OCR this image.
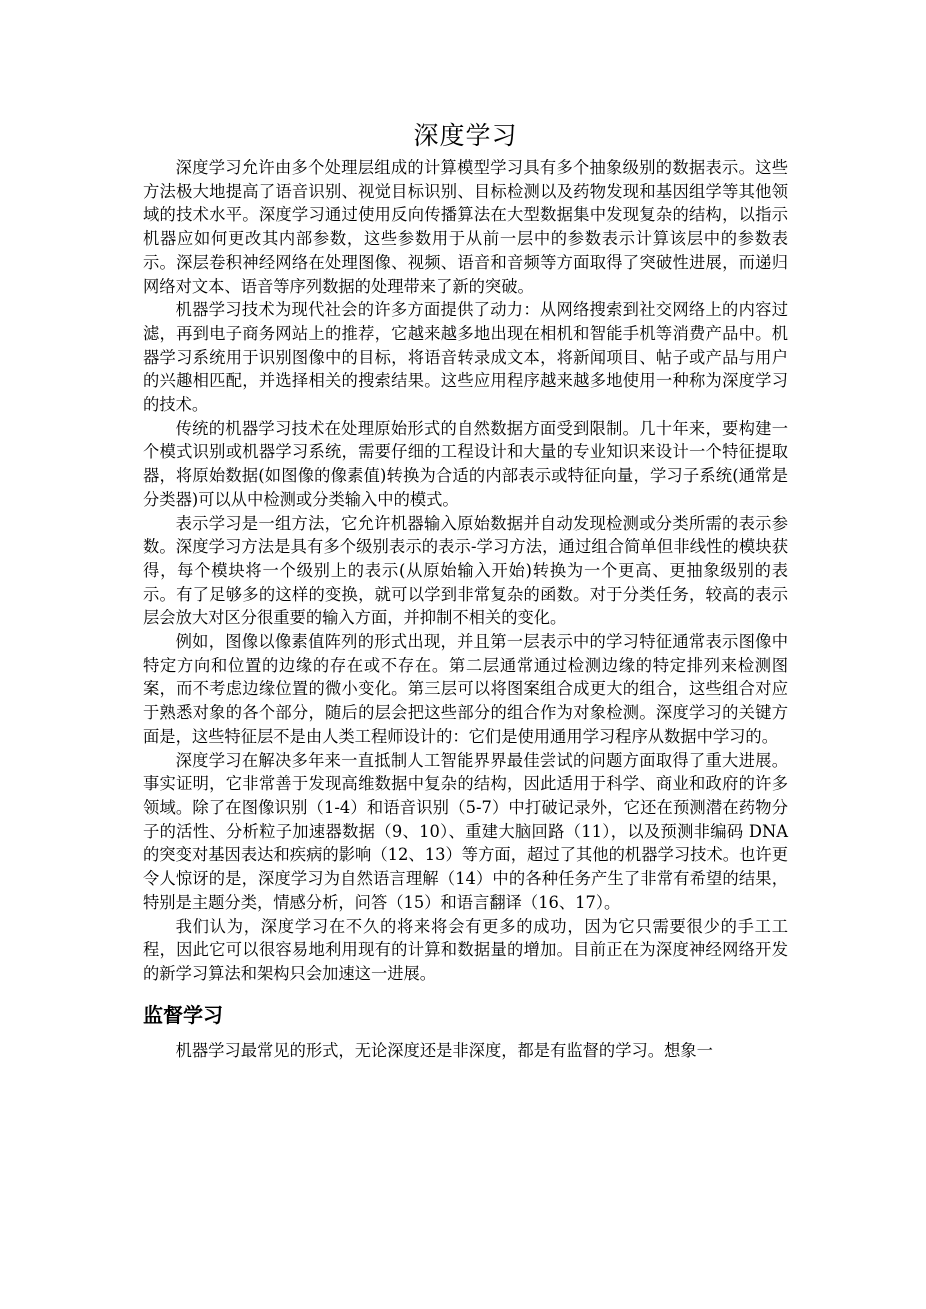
深度学习

深度学习允许由多个处理层组成的计算模型学习具有多个抽象级别的数据表示。这些方法极大地提高了语音识别、视觉目标识别、目标检测以及药物发现和基因组学等其他领域的技术水平。深度学习通过使用反向传播算法在大型数据集中发现复杂的结构，以指示机器应如何更改其内部参数，这些参数用于从前一层中的参数表示计算该层中的参数表示。深层卷积神经网络在处理图像、视频、语音和音频等方面取得了突破性进展，而递归网络对文本、语音等序列数据的处理带来了新的突破。

机器学习技术为现代社会的许多方面提供了动力：从网络搜索到社交网络上的内容过滤，再到电子商务网站上的推荐，它越来越多地出现在相机和智能手机等消费产品中。机器学习系统用于识别图像中的目标，将语音转录成文本，将新闻项目、帖子或产品与用户的兴趣相匹配，并选择相关的搜索结果。这些应用程序越来越多地使用一种称为深度学习的技术。

传统的机器学习技术在处理原始形式的自然数据方面受到限制。几十年来，要构建一个模式识别或机器学习系统，需要仔细的工程设计和大量的专业知识来设计一个特征提取器，将原始数据(如图像的像素值)转换为合适的内部表示或特征向量，学习子系统(通常是分类器)可以从中检测或分类输入中的模式。

表示学习是一组方法，它允许机器输入原始数据并自动发现检测或分类所需的表示参数。深度学习方法是具有多个级别表示的表示-学习方法，通过组合简单但非线性的模块获得，每个模块将一个级别上的表示(从原始输入开始)转换为一个更高、更抽象级别的表示。有了足够多的这样的变换，就可以学到非常复杂的函数。对于分类任务，较高的表示层会放大对区分很重要的输入方面，并抑制不相关的变化。

例如，图像以像素值阵列的形式出现，并且第一层表示中的学习特征通常表示图像中特定方向和位置的边缘的存在或不存在。第二层通常通过检测边缘的特定排列来检测图案，而不考虑边缘位置的微小变化。第三层可以将图案组合成更大的组合，这些组合对应于熟悉对象的各个部分，随后的层会把这些部分的组合作为对象检测。深度学习的关键方面是，这些特征层不是由人类工程师设计的：它们是使用通用学习程序从数据中学习的。

深度学习在解决多年来一直抵制人工智能界界最佳尝试的问题方面取得了重大进展。事实证明，它非常善于发现高维数据中复杂的结构，因此适用于科学、商业和政府的许多领域。除了在图像识别（1-4）和语音识别（5-7）中打破记录外，它还在预测潜在药物分子的活性、分析粒子加速器数据（9、10）、重建大脑回路（11），以及预测非编码 DNA 的突变对基因表达和疾病的影响（12、13）等方面，超过了其他的机器学习技术。也许更令人惊讶的是，深度学习为自然语言理解（14）中的各种任务产生了非常有希望的结果，特别是主题分类，情感分析，问答（15）和语言翻译（16、17）。

我们认为，深度学习在不久的将来将会有更多的成功，因为它只需要很少的手工工程，因此它可以很容易地利用现有的计算和数据量的增加。目前正在为深度神经网络开发的新学习算法和架构只会加速这一进展。

监督学习

机器学习最常见的形式，无论深度还是非深度，都是有监督的学习。想象一
